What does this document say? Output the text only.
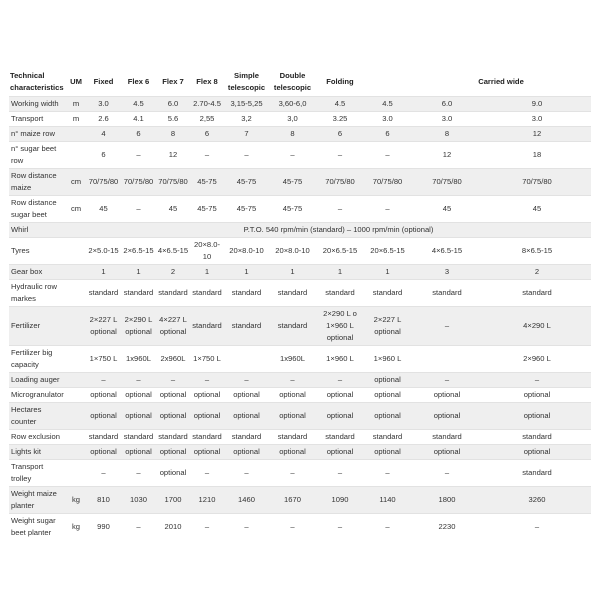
Technical characteristics	UM	Fixed	Flex 6	Flex 7	Flex 8	Simple telescopic	Double telescopic	Folding		Carried wide	
Working width	m	3.0	4.5	6.0	2.70-4.5	3,15-5,25	3,60-6,0	4.5	4.5	6.0	9.0
Transport	m	2.6	4.1	5.6	2,55	3,2	3,0	3.25	3.0	3.0	3.0
n° maize row		4	6	8	6	7	8	6	6	8	12
n° sugar beet row		6	–	12	–	–	–	–	–	12	18
Row distance maize	cm	70/75/80	70/75/80	70/75/80	45-75	45-75	45-75	70/75/80	70/75/80	70/75/80	70/75/80
Row distance sugar beet	cm	45	–	45	45-75	45-75	45-75	–	–	45	45
Whirl		P.T.O. 540 rpm/min (standard) – 1000 rpm/min (optional)									
Tyres		2×5.0-15	2×6.5-15	4×6.5-15	20×8.0-10	20×8.0-10	20×8.0-10	20×6.5-15	20×6.5-15	4×6.5-15	8×6.5-15
Gear box		1	1	2	1	1	1	1	1	3	2
Hydraulic row markes		standard	standard	standard	standard	standard	standard	standard	standard	standard	standard
Fertilizer		2×227 L optional	2×290 L optional	4×227 L optional	standard	standard	standard	2×290 L o 1×960 L optional	2×227 L optional	–	4×290 L
Fertilizer big capacity		1×750 L	1x960L	2x960L	1×750 L		1x960L	1×960 L	1×960 L		2×960 L
Loading auger		–	–	–	–	–	–	–	optional	–	–
Microgranulator		optional	optional	optional	optional	optional	optional	optional	optional	optional	optional
Hectares counter		optional	optional	optional	optional	optional	optional	optional	optional	optional	optional
Row exclusion		standard	standard	standard	standard	standard	standard	standard	standard	standard	standard
Lights kit		optional	optional	optional	optional	optional	optional	optional	optional	optional	optional
Transport trolley		–	–	optional	–	–	–	–	–	–	standard
Weight maize planter	kg	810	1030	1700	1210	1460	1670	1090	1140	1800	3260
Weight sugar beet planter	kg	990	–	2010	–	–	–	–	–	2230	–
